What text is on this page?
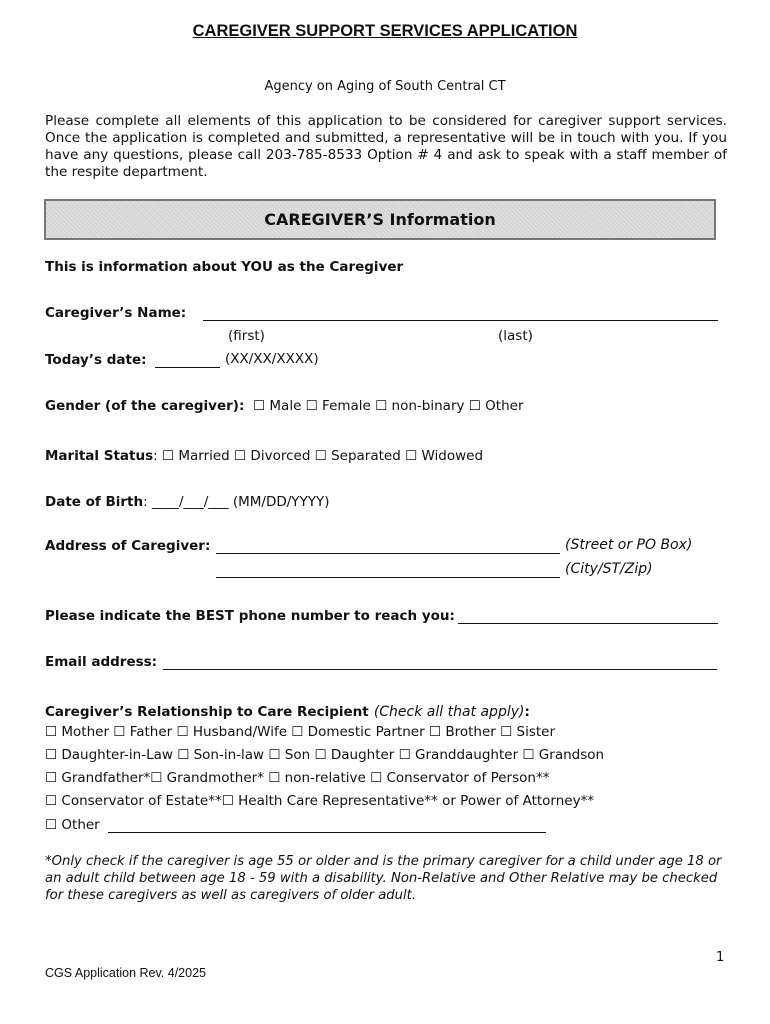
CAREGIVER SUPPORT SERVICES APPLICATION
Agency on Aging of South Central CT

Please complete all elements of this application to be considered for caregiver support services. Once the application is completed and submitted, a representative will be in touch with you. If you have any questions, please call 203-785-8533 Option # 4 and ask to speak with a staff member of the respite department.

CAREGIVER’S Information
This is information about YOU as the Caregiver
Caregiver’s Name:
(first)	(last)
Today’s date:	(XX/XX/XXXX)
Gender (of the caregiver): ☐ Male ☐ Female ☐ non-binary ☐ Other
Marital Status: ☐ Married ☐ Divorced ☐ Separated ☐ Widowed
Date of Birth: ____/___/___ (MM/DD/YYYY)
Address of Caregiver:	(Street or PO Box)
(City/ST/Zip)
Please indicate the BEST phone number to reach you:
Email address:
Caregiver’s Relationship to Care Recipient (Check all that apply):
☐ Mother ☐ Father ☐ Husband/Wife ☐ Domestic Partner ☐ Brother ☐ Sister
☐ Daughter-in-Law ☐ Son-in-law ☐ Son ☐ Daughter ☐ Granddaughter ☐ Grandson
☐ Grandfather*☐ Grandmother* ☐ non-relative ☐ Conservator of Person**
☐ Conservator of Estate**☐ Health Care Representative** or Power of Attorney**
☐ Other
*Only check if the caregiver is age 55 or older and is the primary caregiver for a child under age 18 or an adult child between age 18 - 59 with a disability. Non-Relative and Other Relative may be checked for these caregivers as well as caregivers of older adult.
1
CGS Application Rev. 4/2025
